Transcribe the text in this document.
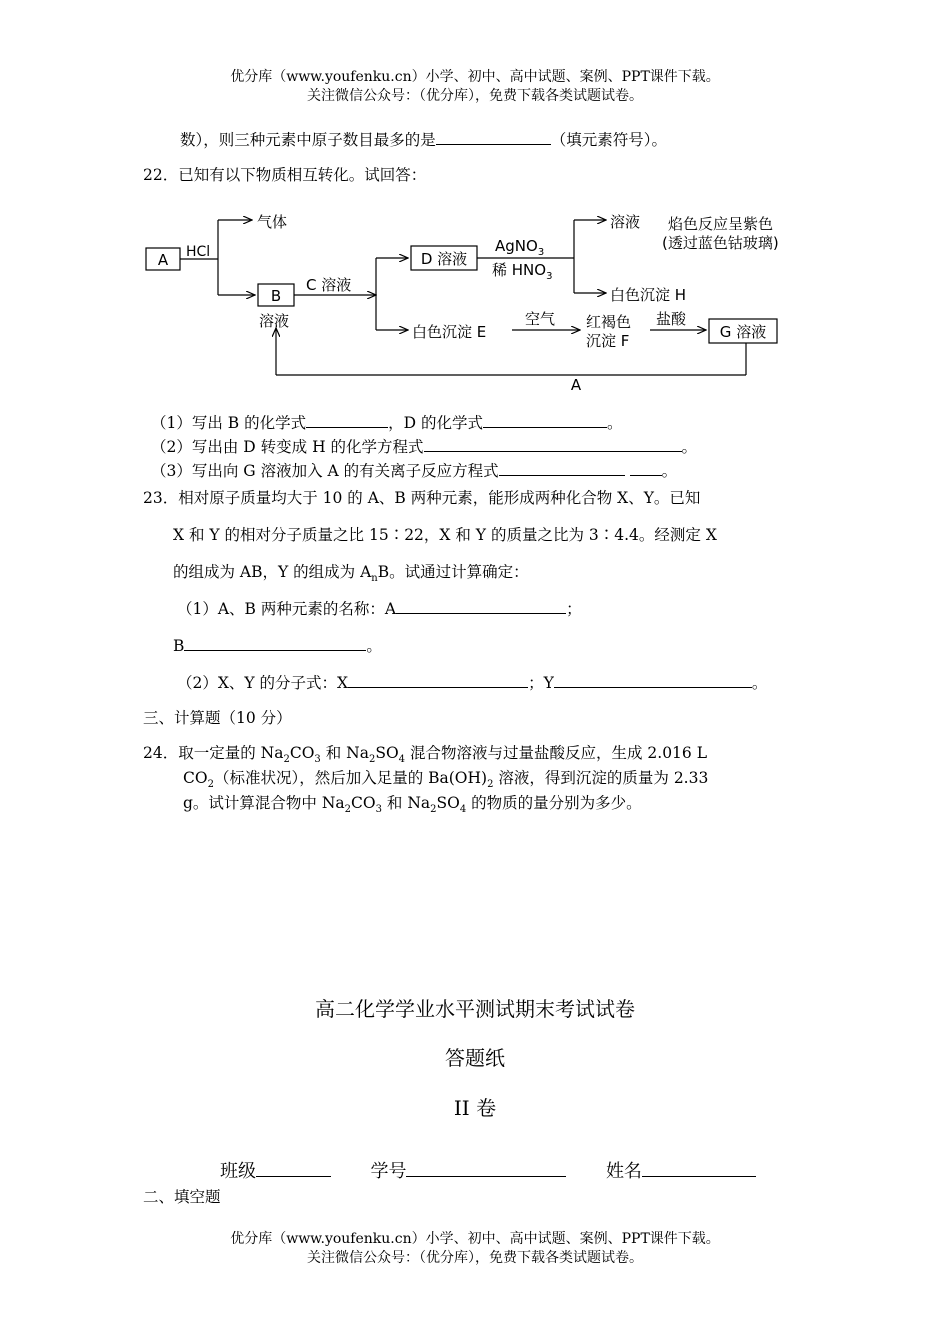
优分库（www.youfenku.cn）小学、初中、高中试题、案例、PPT课件下载。
关注微信公众号：（优分库），免费下载各类试题试卷。
数），则三种元素中原子数目最多的是	（填元素符号）。
22．已知有以下物质相互转化。试回答：
A HCl
气体
B
溶液
C 溶液
D 溶液
AgNO$_3$
稀 $HNO_3$
溶液 焰色反应呈紫色
(透过蓝色钴玻璃)
白色沉淀 H
白色沉淀 E
空气 红褐色
沉淀 F
盐酸
G 溶液
A
（1）写出 B 的化学式	，D 的化学式	。
（2）写出由 D 转变成 H 的化学方程式	。
（3）写出向 G 溶液加入 A 的有关离子反应方程式	。
23．相对原子质量均大于 10 的 A、B 两种元素，能形成两种化合物 X、Y。已知
X 和 Y 的相对分子质量之比 15∶22，X 和 Y 的质量之比为 3∶4.4。经测定 X
的组成为 AB，Y 的组成为 $A_nB$。试通过计算确定：
（1）A、B 两种元素的名称：A	；
B	。
（2）X、Y 的分子式：X	；Y	。
三、计算题（10 分）
24．取一定量的 $Na_2CO_3$ 和 $Na_2SO_4$ 混合物溶液与过量盐酸反应，生成 2.016 L
$CO_2$（标准状况），然后加入足量的 $Ba(OH)_2$ 溶液，得到沉淀的质量为 2.33
g。试计算混合物中 $Na_2CO_3$ 和 $Na_2SO_4$ 的物质的量分别为多少。
高二化学学业水平测试期末考试试卷
答题纸
II 卷
班级	学号	姓名
二、填空题
优分库（www.youfenku.cn）小学、初中、高中试题、案例、PPT课件下载。
关注微信公众号：（优分库），免费下载各类试题试卷。
